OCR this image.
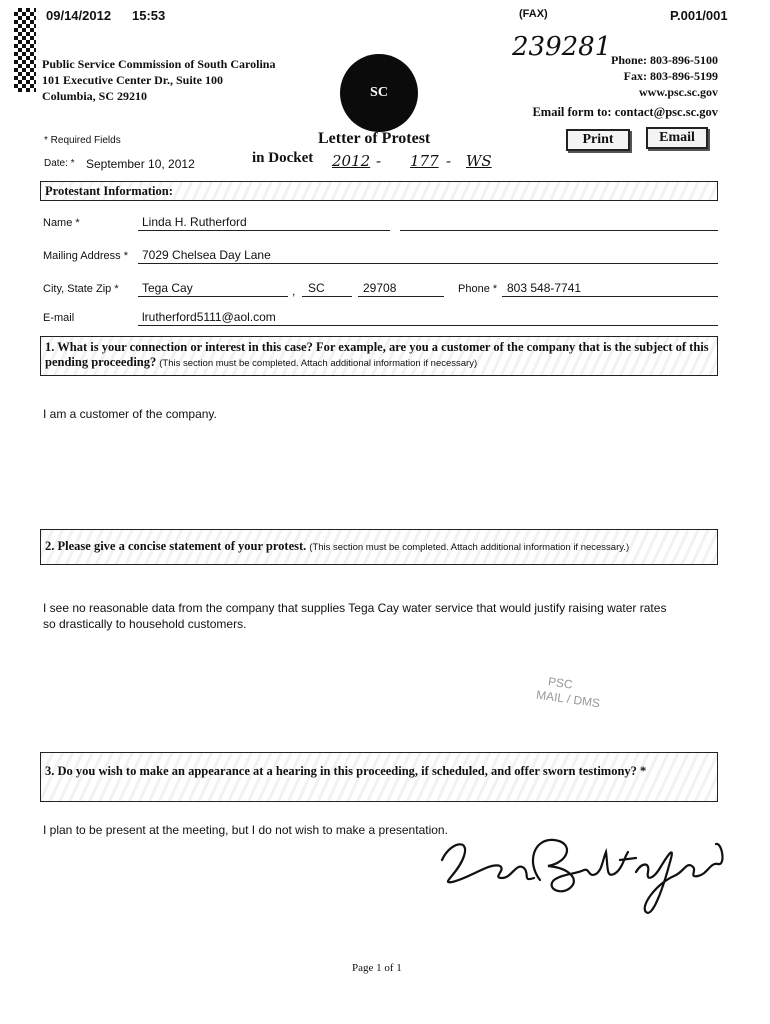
09/14/2012 15:53	(FAX)	P.001/001
239281
Public Service Commission of South Carolina
101 Executive Center Dr., Suite 100
Columbia, SC 29210	SC
Phone: 803-896-5100
Fax: 803-896-5199
www.psc.sc.gov
Email form to: contact@psc.sc.gov
* Required Fields	Letter of Protest
in Docket 2012 - 177 - WS
Date: * September 10, 2012
Print	Email
Protestant Information:
Name *	Linda H. Rutherford
Mailing Address * 7029 Chelsea Day Lane
City, State Zip * Tega Cay	, SC	29708	Phone * 803 548-7741
E-mail	lrutherford5111@aol.com
1. What is your connection or interest in this case? For example, are you a customer of the company that is the subject of this pending proceeding? (This section must be completed. Attach additional information if necessary)
I am a customer of the company.
2. Please give a concise statement of your protest. (This section must be completed. Attach additional information if necessary.)
I see no reasonable data from the company that supplies Tega Cay water service that would justify raising water rates
so drastically to household customers.
PSC
MAIL / DMS
3. Do you wish to make an appearance at a hearing in this proceeding, if scheduled, and offer sworn testimony? *
I plan to be present at the meeting, but I do not wish to make a presentation.
Page 1 of 1
